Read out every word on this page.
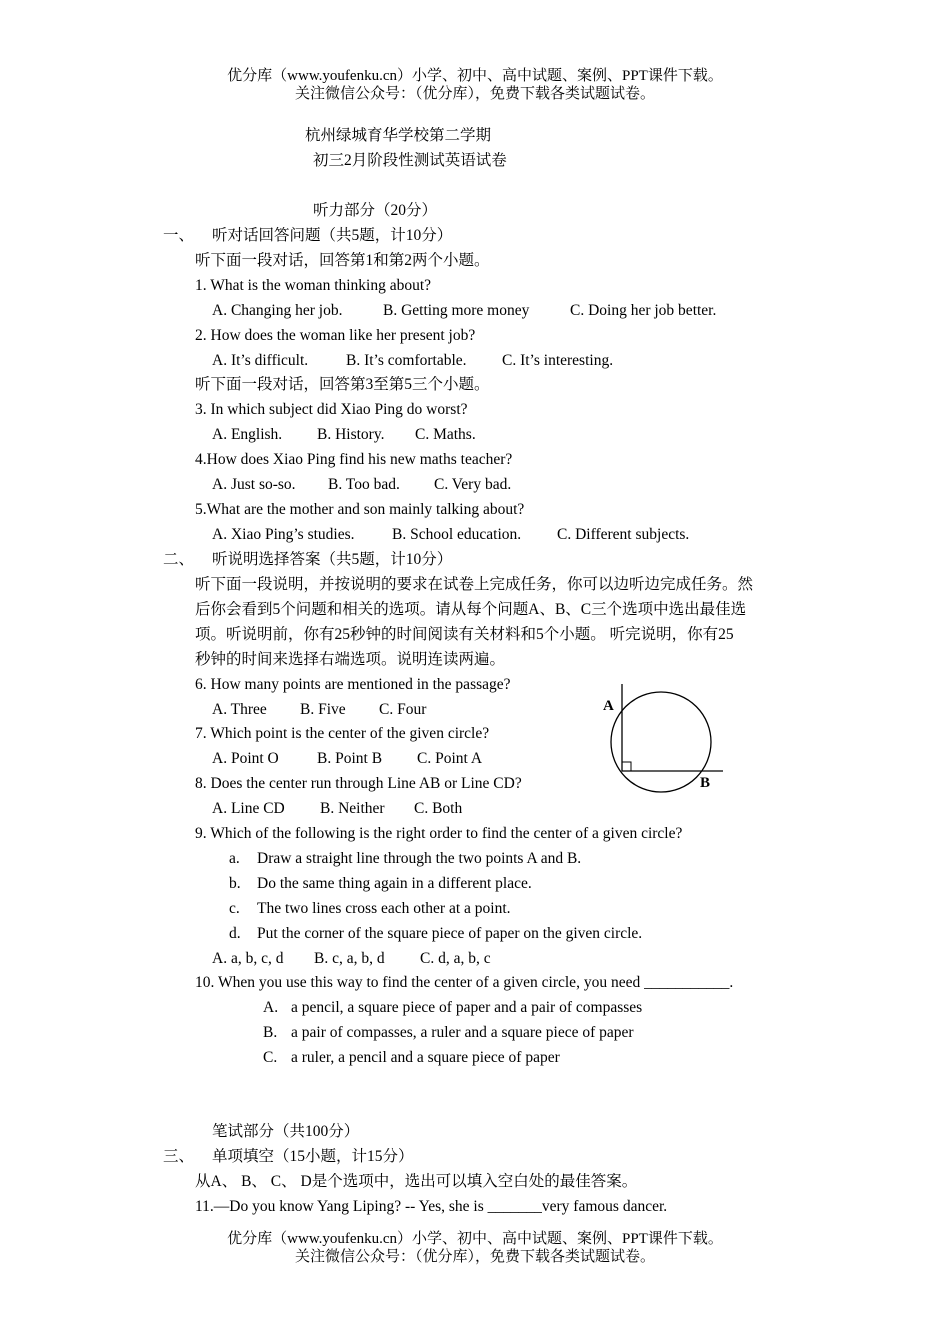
优分库（www.youfenku.cn）小学、初中、高中试题、案例、PPT课件下载。
关注微信公众号：（优分库），免费下载各类试题试卷。
杭州绿城育华学校第二学期
初三2月阶段性测试英语试卷
听力部分（20分）
一、 听对话回答问题（共5题，计10分）
听下面一段对话，回答第1和第2两个小题。
1. What is the woman thinking about?
A. Changing her job.	B. Getting more money	C. Doing her job better.
2. How does the woman like her present job?
A. It’s difficult. B. It’s comfortable. C. It’s interesting.
听下面一段对话，回答第3至第5三个小题。
3. In which subject did Xiao Ping do worst?
A. English. B. History. C. Maths.
4.How does Xiao Ping find his new maths teacher?
A. Just so-so. B. Too bad. C. Very bad.
5.What are the mother and son mainly talking about?
A. Xiao Ping’s studies. B. School education. C. Different subjects.
二、 听说明选择答案（共5题，计10分）
听下面一段说明，并按说明的要求在试卷上完成任务，你可以边听边完成任务。然
后你会看到5个问题和相关的选项。请从每个问题A、B、C三个选项中选出最佳选
项。听说明前，你有25秒钟的时间阅读有关材料和5个小题。 听完说明，你有25
秒钟的时间来选择右端选项。说明连读两遍。
6. How many points are mentioned in the passage?
A. Three B. Five C. Four
7. Which point is the center of the given circle?
A. Point O B. Point B C. Point A
8. Does the center run through Line AB or Line CD?
A. Line CD B. Neither C. Both
A
B
9. Which of the following is the right order to find the center of a given circle?
a. Draw a straight line through the two points A and B.
b. Do the same thing again in a different place.
c. The two lines cross each other at a point.
d. Put the corner of the square piece of paper on the given circle.
A. a, b, c, d B. c, a, b, d C. d, a, b, c
10. When you use this way to find the center of a given circle, you need ___________.
A. a pencil, a square piece of paper and a pair of compasses
B. a pair of compasses, a ruler and a square piece of paper
C. a ruler, a pencil and a square piece of paper
笔试部分（共100分）
三、 单项填空（15小题，计15分）
从A、 B、 C、 D是个选项中，选出可以填入空白处的最佳答案。
11.—Do you know Yang Liping? -- Yes, she is _______very famous dancer.
优分库（www.youfenku.cn）小学、初中、高中试题、案例、PPT课件下载。
关注微信公众号：（优分库），免费下载各类试题试卷。
